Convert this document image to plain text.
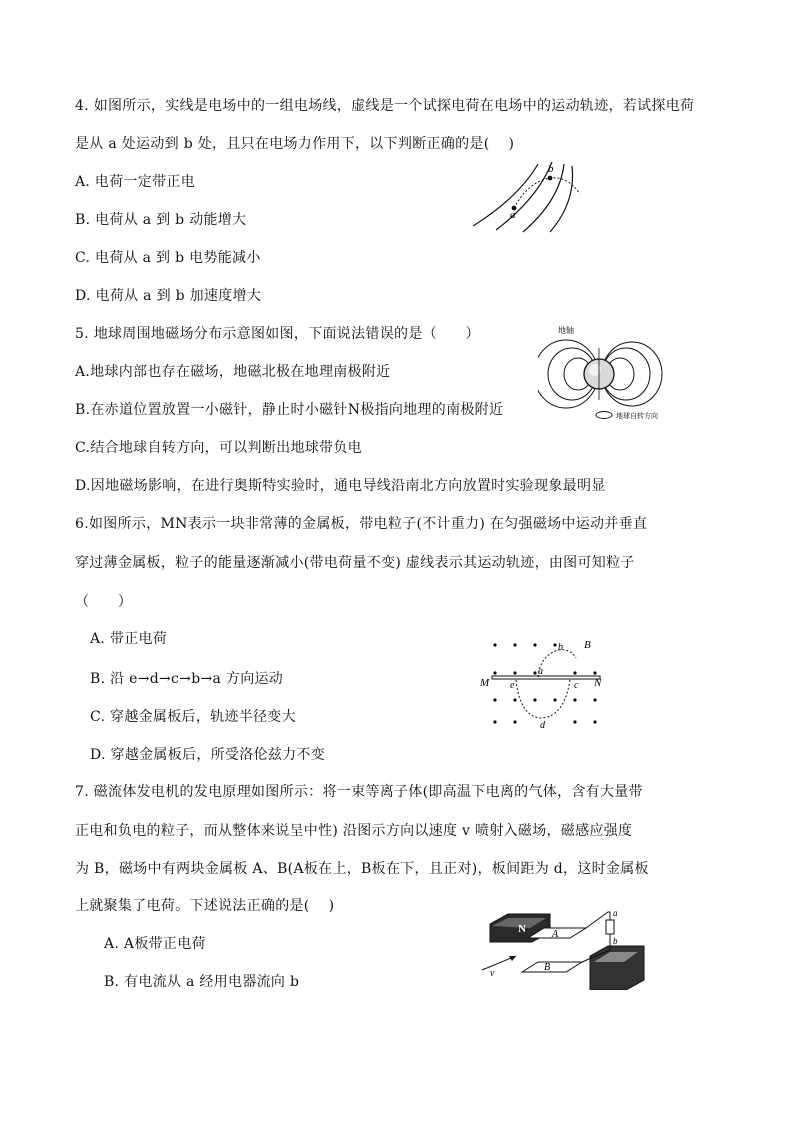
4. 如图所示，实线是电场中的一组电场线，虚线是一个试探电荷在电场中的运动轨迹，若试探电荷
是从 a 处运动到 b 处，且只在电场力作用下，以下判断正确的是(　 )
A. 电荷一定带正电
B. 电荷从 a 到 b 动能增大
C. 电荷从 a 到 b 电势能减小
D. 电荷从 a 到 b 加速度增大
a
b
5. 地球周围地磁场分布示意图如图，下面说法错误的是（　　）
A.地球内部也存在磁场，地磁北极在地理南极附近
B.在赤道位置放置一小磁针，静止时小磁针N极指向地理的南极附近
C.结合地球自转方向，可以判断出地球带负电
D.因地磁场影响，在进行奥斯特实验时，通电导线沿南北方向放置时实验现象最明显
地轴
地球自转方向
6.如图所示，MN表示一块非常薄的金属板，带电粒子(不计重力) 在匀强磁场中运动并垂直
穿过薄金属板，粒子的能量逐渐减小(带电荷量不变) 虚线表示其运动轨迹，由图可知粒子
（　　）
A. 带正电荷
B. 沿 e→d→c→b→a 方向运动
C. 穿越金属板后，轨迹半径变大
D. 穿越金属板后，所受洛伦兹力不变
M	N
a
b
c
d
e
B
7. 磁流体发电机的发电原理如图所示：将一束等离子体(即高温下电离的气体，含有大量带
正电和负电的粒子，而从整体来说呈中性) 沿图示方向以速度 v 喷射入磁场，磁感应强度
为 B，磁场中有两块金属板 A、B(A板在上，B板在下，且正对)，板间距为 d，这时金属板
上就聚集了电荷。下述说法正确的是(　 )
A. A板带正电荷
B. 有电流从 a 经用电器流向 b
N	A
B
a
b
v
